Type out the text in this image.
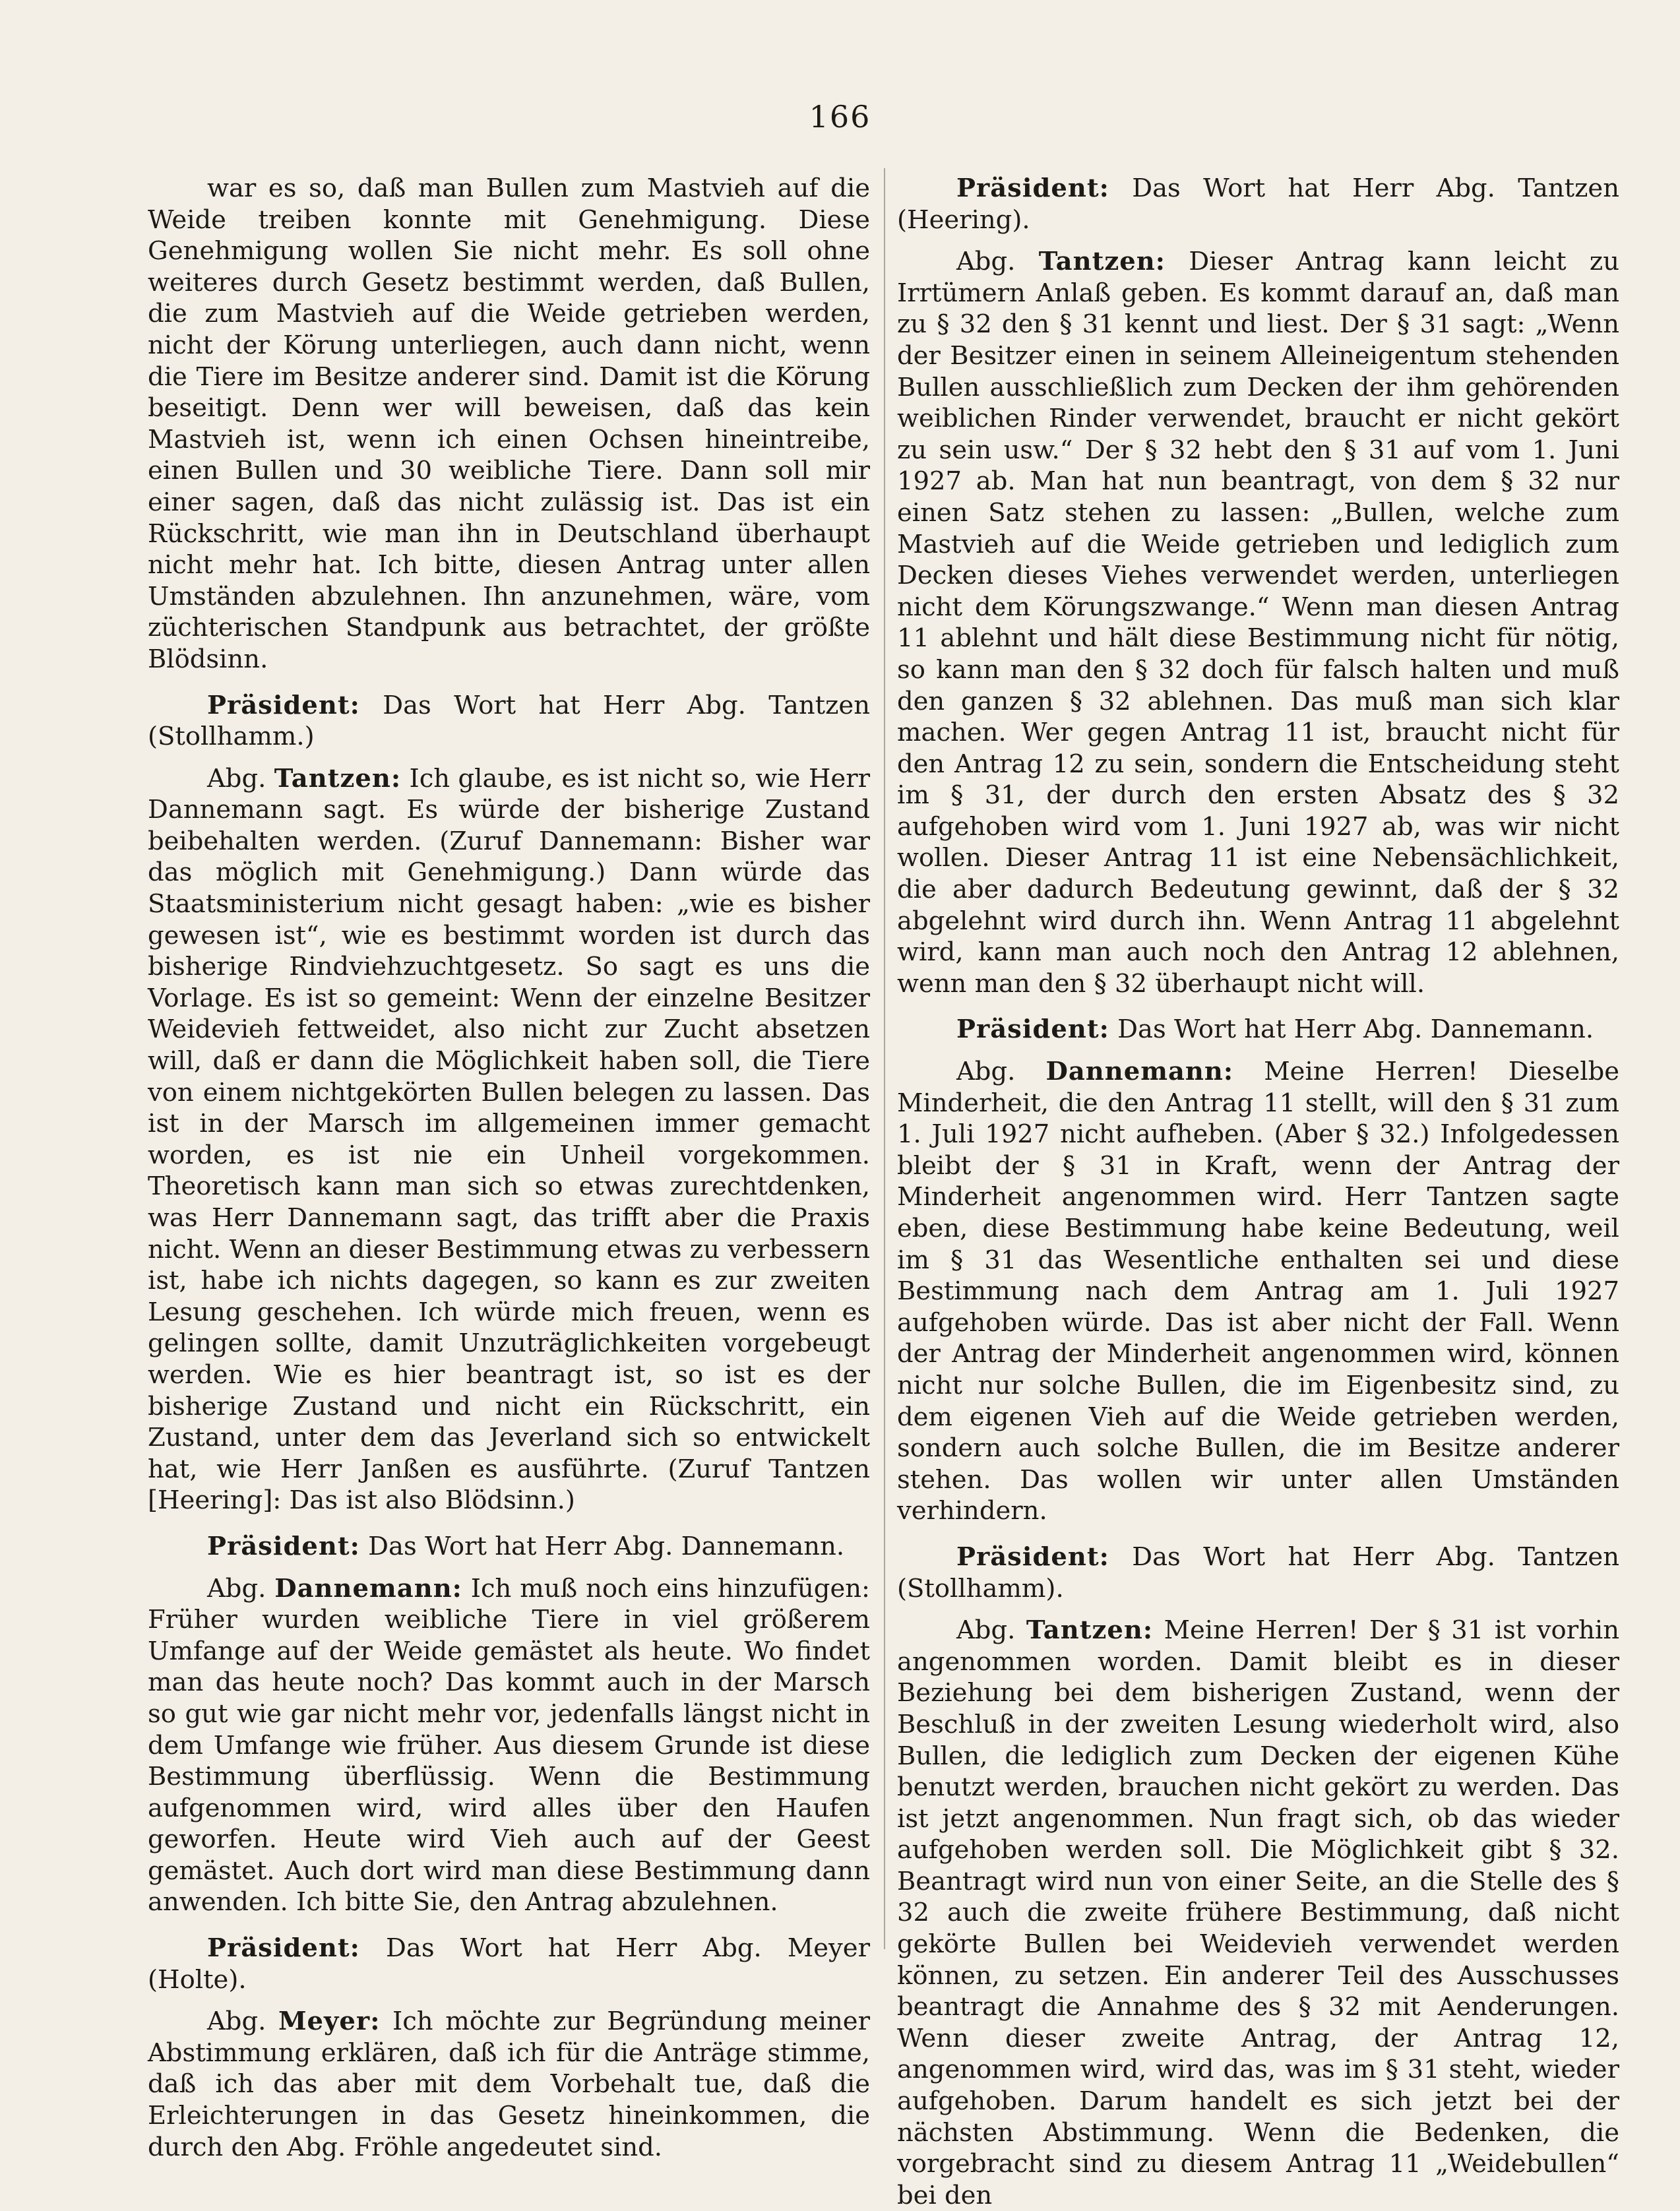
166

war es so, daß man Bullen zum Mastvieh auf die Weide treiben konnte mit Genehmigung. Diese Genehmigung wollen Sie nicht mehr. Es soll ohne weiteres durch Gesetz bestimmt werden, daß Bullen, die zum Mastvieh auf die Weide getrieben werden, nicht der Körung unterliegen, auch dann nicht, wenn die Tiere im Besitze anderer sind. Damit ist die Körung beseitigt. Denn wer will beweisen, daß das kein Mastvieh ist, wenn ich einen Ochsen hineintreibe, einen Bullen und 30 weibliche Tiere. Dann soll mir einer sagen, daß das nicht zulässig ist. Das ist ein Rückschritt, wie man ihn in Deutschland überhaupt nicht mehr hat. Ich bitte, diesen Antrag unter allen Umständen abzulehnen. Ihn anzunehmen, wäre, vom züchterischen Standpunk aus betrachtet, der größte Blödsinn.

Präsident: Das Wort hat Herr Abg. Tantzen (Stollhamm.)

Abg. Tantzen: Ich glaube, es ist nicht so, wie Herr Dannemann sagt. Es würde der bisherige Zustand beibehalten werden. (Zuruf Dannemann: Bisher war das möglich mit Genehmigung.) Dann würde das Staatsministerium nicht gesagt haben: „wie es bisher gewesen ist“, wie es bestimmt worden ist durch das bisherige Rindviehzuchtgesetz. So sagt es uns die Vorlage. Es ist so gemeint: Wenn der einzelne Besitzer Weidevieh fettweidet, also nicht zur Zucht absetzen will, daß er dann die Möglichkeit haben soll, die Tiere von einem nichtgekörten Bullen belegen zu lassen. Das ist in der Marsch im allgemeinen immer gemacht worden, es ist nie ein Unheil vorgekommen. Theoretisch kann man sich so etwas zurechtdenken, was Herr Dannemann sagt, das trifft aber die Praxis nicht. Wenn an dieser Bestimmung etwas zu verbessern ist, habe ich nichts dagegen, so kann es zur zweiten Lesung geschehen. Ich würde mich freuen, wenn es gelingen sollte, damit Unzuträglichkeiten vorgebeugt werden. Wie es hier beantragt ist, so ist es der bisherige Zustand und nicht ein Rückschritt, ein Zustand, unter dem das Jeverland sich so entwickelt hat, wie Herr Janßen es ausführte. (Zuruf Tantzen [Heering]: Das ist also Blödsinn.)

Präsident: Das Wort hat Herr Abg. Dannemann.

Abg. Dannemann: Ich muß noch eins hinzufügen: Früher wurden weibliche Tiere in viel größerem Umfange auf der Weide gemästet als heute. Wo findet man das heute noch? Das kommt auch in der Marsch so gut wie gar nicht mehr vor, jedenfalls längst nicht in dem Umfange wie früher. Aus diesem Grunde ist diese Bestimmung überflüssig. Wenn die Bestimmung aufgenommen wird, wird alles über den Haufen geworfen. Heute wird Vieh auch auf der Geest gemästet. Auch dort wird man diese Bestimmung dann anwenden. Ich bitte Sie, den Antrag abzulehnen.

Präsident: Das Wort hat Herr Abg. Meyer (Holte).

Abg. Meyer: Ich möchte zur Begründung meiner Abstimmung erklären, daß ich für die Anträge stimme, daß ich das aber mit dem Vorbehalt tue, daß die Erleichterungen in das Gesetz hineinkommen, die durch den Abg. Fröhle angedeutet sind.

Präsident: Das Wort hat Herr Abg. Tantzen (Heering).

Abg. Tantzen: Dieser Antrag kann leicht zu Irrtümern Anlaß geben. Es kommt darauf an, daß man zu § 32 den § 31 kennt und liest. Der § 31 sagt: „Wenn der Besitzer einen in seinem Alleineigentum stehenden Bullen ausschließlich zum Decken der ihm gehörenden weiblichen Rinder verwendet, braucht er nicht gekört zu sein usw.“ Der § 32 hebt den § 31 auf vom 1. Juni 1927 ab. Man hat nun beantragt, von dem § 32 nur einen Satz stehen zu lassen: „Bullen, welche zum Mastvieh auf die Weide getrieben und lediglich zum Decken dieses Viehes verwendet werden, unterliegen nicht dem Körungszwange.“ Wenn man diesen Antrag 11 ablehnt und hält diese Bestimmung nicht für nötig, so kann man den § 32 doch für falsch halten und muß den ganzen § 32 ablehnen. Das muß man sich klar machen. Wer gegen Antrag 11 ist, braucht nicht für den Antrag 12 zu sein, sondern die Entscheidung steht im § 31, der durch den ersten Absatz des § 32 aufgehoben wird vom 1. Juni 1927 ab, was wir nicht wollen. Dieser Antrag 11 ist eine Nebensächlichkeit, die aber dadurch Bedeutung gewinnt, daß der § 32 abgelehnt wird durch ihn. Wenn Antrag 11 abgelehnt wird, kann man auch noch den Antrag 12 ablehnen, wenn man den § 32 überhaupt nicht will.

Präsident: Das Wort hat Herr Abg. Dannemann.

Abg. Dannemann: Meine Herren! Dieselbe Minderheit, die den Antrag 11 stellt, will den § 31 zum 1. Juli 1927 nicht aufheben. (Aber § 32.) Infolgedessen bleibt der § 31 in Kraft, wenn der Antrag der Minderheit angenommen wird. Herr Tantzen sagte eben, diese Bestimmung habe keine Bedeutung, weil im § 31 das Wesentliche enthalten sei und diese Bestimmung nach dem Antrag am 1. Juli 1927 aufgehoben würde. Das ist aber nicht der Fall. Wenn der Antrag der Minderheit angenommen wird, können nicht nur solche Bullen, die im Eigenbesitz sind, zu dem eigenen Vieh auf die Weide getrieben werden, sondern auch solche Bullen, die im Besitze anderer stehen. Das wollen wir unter allen Umständen verhindern.

Präsident: Das Wort hat Herr Abg. Tantzen (Stollhamm).

Abg. Tantzen: Meine Herren! Der § 31 ist vorhin angenommen worden. Damit bleibt es in dieser Beziehung bei dem bisherigen Zustand, wenn der Beschluß in der zweiten Lesung wiederholt wird, also Bullen, die lediglich zum Decken der eigenen Kühe benutzt werden, brauchen nicht gekört zu werden. Das ist jetzt angenommen. Nun fragt sich, ob das wieder aufgehoben werden soll. Die Möglichkeit gibt § 32. Beantragt wird nun von einer Seite, an die Stelle des § 32 auch die zweite frühere Bestimmung, daß nicht gekörte Bullen bei Weidevieh verwendet werden können, zu setzen. Ein anderer Teil des Ausschusses beantragt die Annahme des § 32 mit Aenderungen. Wenn dieser zweite Antrag, der Antrag 12, angenommen wird, wird das, was im § 31 steht, wieder aufgehoben. Darum handelt es sich jetzt bei der nächsten Abstimmung. Wenn die Bedenken, die vorgebracht sind zu diesem Antrag 11 „Weidebullen“ bei den
